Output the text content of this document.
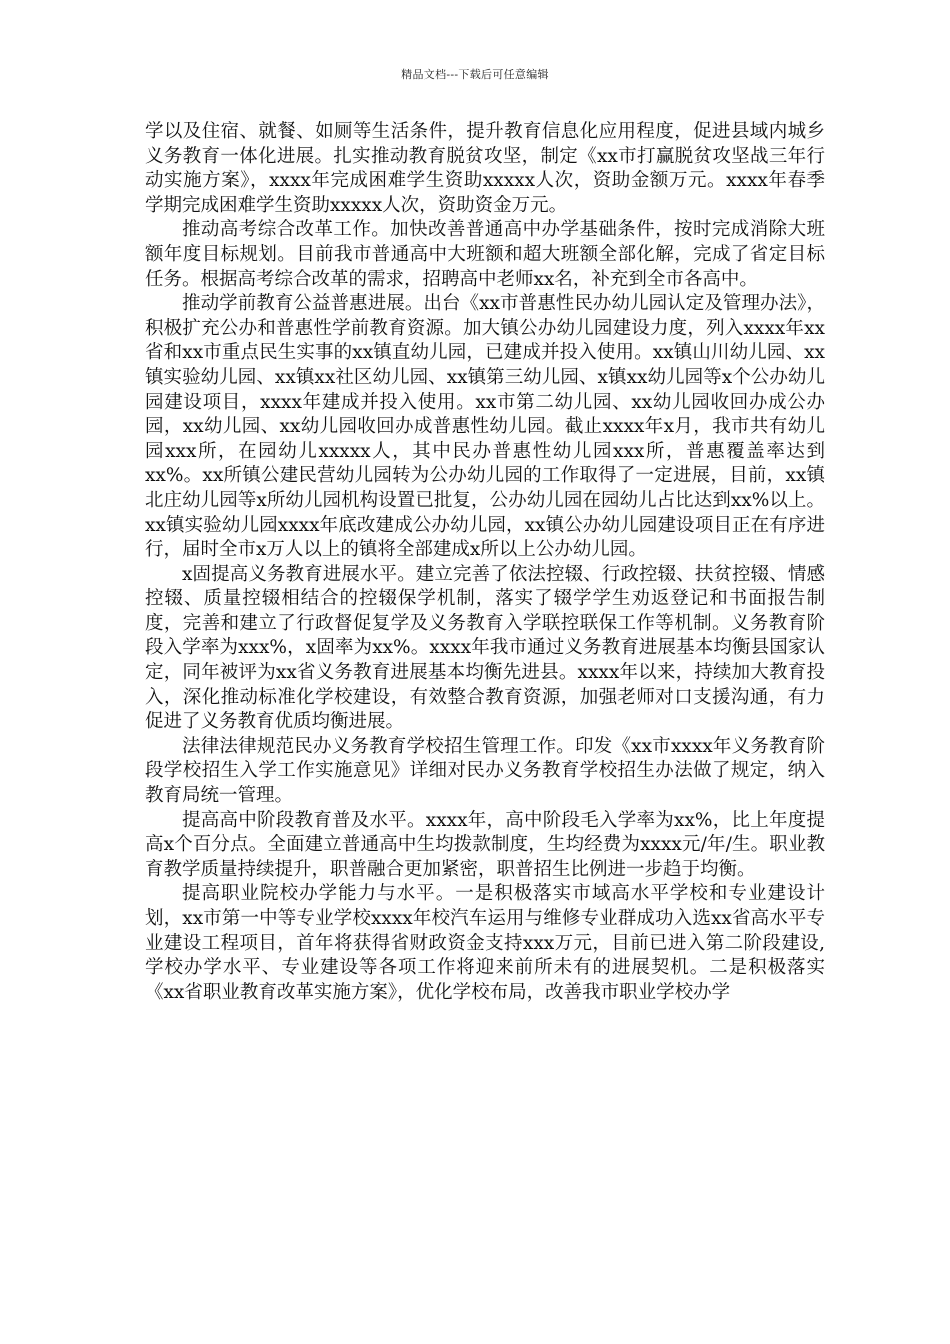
精品文档---下载后可任意编辑

学以及住宿、就餐、如厕等生活条件，提升教育信息化应用程度，促进县域内城乡义务教育一体化进展。扎实推动教育脱贫攻坚，制定《xx市打赢脱贫攻坚战三年行动实施方案》，xxxx年完成困难学生资助xxxxx人次，资助金额万元。xxxx年春季学期完成困难学生资助xxxxx人次，资助资金万元。

推动高考综合改革工作。加快改善普通高中办学基础条件，按时完成消除大班额年度目标规划。目前我市普通高中大班额和超大班额全部化解，完成了省定目标任务。根据高考综合改革的需求，招聘高中老师xx名，补充到全市各高中。

推动学前教育公益普惠进展。出台《xx市普惠性民办幼儿园认定及管理办法》，积极扩充公办和普惠性学前教育资源。加大镇公办幼儿园建设力度，列入xxxx年xx省和xx市重点民生实事的xx镇直幼儿园，已建成并投入使用。xx镇山川幼儿园、xx镇实验幼儿园、xx镇xx社区幼儿园、xx镇第三幼儿园、x镇xx幼儿园等x个公办幼儿园建设项目，xxxx年建成并投入使用。xx市第二幼儿园、xx幼儿园收回办成公办园，xx幼儿园、xx幼儿园收回办成普惠性幼儿园。截止xxxx年x月，我市共有幼儿园xxx所，在园幼儿xxxxx人，其中民办普惠性幼儿园xxx所，普惠覆盖率达到xx%。xx所镇公建民营幼儿园转为公办幼儿园的工作取得了一定进展，目前，xx镇北庄幼儿园等x所幼儿园机构设置已批复，公办幼儿园在园幼儿占比达到xx%以上。xx镇实验幼儿园xxxx年底改建成公办幼儿园，xx镇公办幼儿园建设项目正在有序进行，届时全市x万人以上的镇将全部建成x所以上公办幼儿园。

x固提高义务教育进展水平。建立完善了依法控辍、行政控辍、扶贫控辍、情感控辍、质量控辍相结合的控辍保学机制，落实了辍学学生劝返登记和书面报告制度，完善和建立了行政督促复学及义务教育入学联控联保工作等机制。义务教育阶段入学率为xxx%，x固率为xx%。xxxx年我市通过义务教育进展基本均衡县国家认定，同年被评为xx省义务教育进展基本均衡先进县。xxxx年以来，持续加大教育投入，深化推动标准化学校建设，有效整合教育资源，加强老师对口支援沟通，有力促进了义务教育优质均衡进展。

法律法律规范民办义务教育学校招生管理工作。印发《xx市xxxx年义务教育阶段学校招生入学工作实施意见》详细对民办义务教育学校招生办法做了规定，纳入教育局统一管理。

提高高中阶段教育普及水平。xxxx年，高中阶段毛入学率为xx%，比上年度提高x个百分点。全面建立普通高中生均拨款制度，生均经费为xxxx元/年/生。职业教育教学质量持续提升，职普融合更加紧密，职普招生比例进一步趋于均衡。

提高职业院校办学能力与水平。一是积极落实市域高水平学校和专业建设计划，xx市第一中等专业学校xxxx年校汽车运用与维修专业群成功入选xx省高水平专业建设工程项目，首年将获得省财政资金支持xxx万元，目前已进入第二阶段建设,学校办学水平、专业建设等各项工作将迎来前所未有的进展契机。二是积极落实《xx省职业教育改革实施方案》，优化学校布局，改善我市职业学校办学
